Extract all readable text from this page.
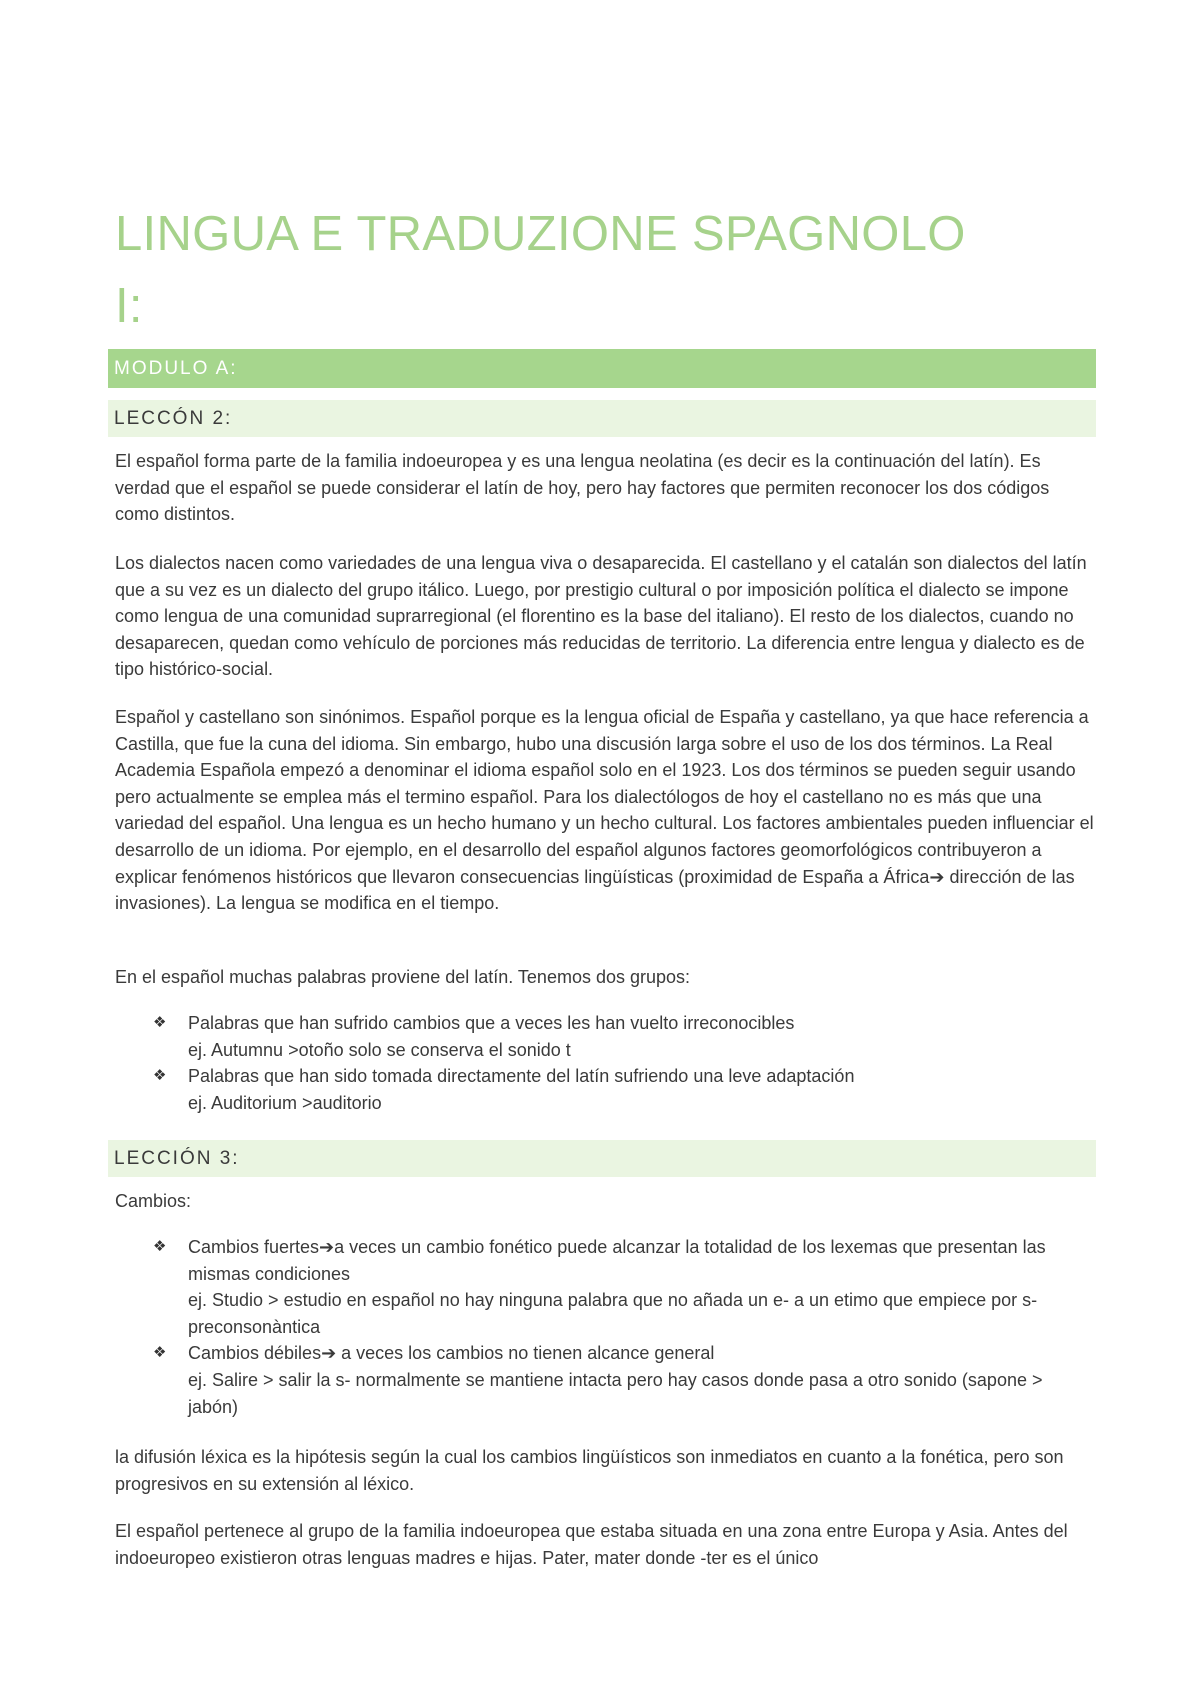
LINGUA E TRADUZIONE SPAGNOLO
I:
MODULO A:
LECCÓN 2:

El español forma parte de la familia indoeuropea y es una lengua neolatina (es decir es la continuación del latín). Es verdad que el español se puede considerar el latín de hoy, pero hay factores que permiten reconocer los dos códigos como distintos.

Los dialectos nacen como variedades de una lengua viva o desaparecida. El castellano y el catalán son dialectos del latín que a su vez es un dialecto del grupo itálico. Luego, por prestigio cultural o por imposición política el dialecto se impone como lengua de una comunidad suprarregional (el florentino es la base del italiano). El resto de los dialectos, cuando no desaparecen, quedan como vehículo de porciones más reducidas de territorio. La diferencia entre lengua y dialecto es de tipo histórico-social.

Español y castellano son sinónimos. Español porque es la lengua oficial de España y castellano, ya que hace referencia a Castilla, que fue la cuna del idioma. Sin embargo, hubo una discusión larga sobre el uso de los dos términos. La Real Academia Española empezó a denominar el idioma español solo en el 1923. Los dos términos se pueden seguir usando pero actualmente se emplea más el termino español. Para los dialectólogos de hoy el castellano no es más que una variedad del español. Una lengua es un hecho humano y un hecho cultural. Los factores ambientales pueden influenciar el desarrollo de un idioma. Por ejemplo, en el desarrollo del español algunos factores geomorfológicos contribuyeron a explicar fenómenos históricos que llevaron consecuencias lingüísticas (proximidad de España a África➔ dirección de las invasiones). La lengua se modifica en el tiempo.

En el español muchas palabras proviene del latín. Tenemos dos grupos:

❖ Palabras que han sufrido cambios que a veces les han vuelto irreconocibles
ej. Autumnu >otoño solo se conserva el sonido t
❖ Palabras que han sido tomada directamente del latín sufriendo una leve adaptación
ej. Auditorium >auditorio
LECCIÓN 3:

Cambios:

❖ Cambios fuertes➔a veces un cambio fonético puede alcanzar la totalidad de los lexemas que presentan las mismas condiciones
ej. Studio > estudio en español no hay ninguna palabra que no añada un e- a un etimo que empiece por s- preconsonàntica
❖ Cambios débiles➔ a veces los cambios no tienen alcance general
ej. Salire > salir la s- normalmente se mantiene intacta pero hay casos donde pasa a otro sonido (sapone > jabón)

la difusión léxica es la hipótesis según la cual los cambios lingüísticos son inmediatos en cuanto a la fonética, pero son progresivos en su extensión al léxico.

El español pertenece al grupo de la familia indoeuropea que estaba situada en una zona entre Europa y Asia. Antes del indoeuropeo existieron otras lenguas madres e hijas. Pater, mater donde -ter es el único
